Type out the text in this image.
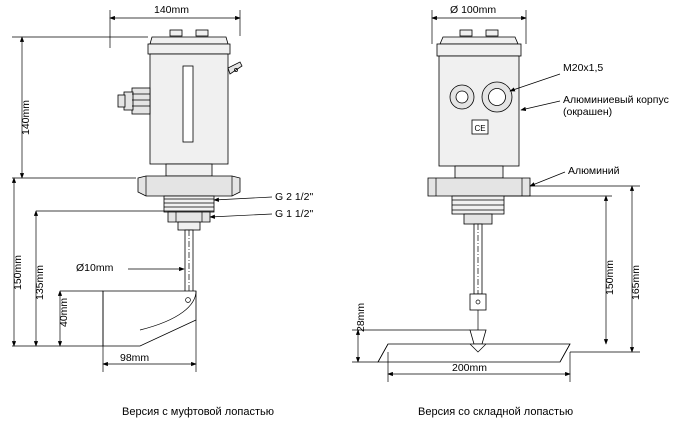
CE
140mm
140mm
150mm 135mm
40mm
Ø10mm
98mm
G 2 1/2"
G 1 1/2"
Ø 100mm
165mm
150mm
28mm
200mm
M20x1,5
Алюминиевый корпус (окрашен)
Алюминий
Версия с муфтовой лопастью	Версия со складной лопастью
